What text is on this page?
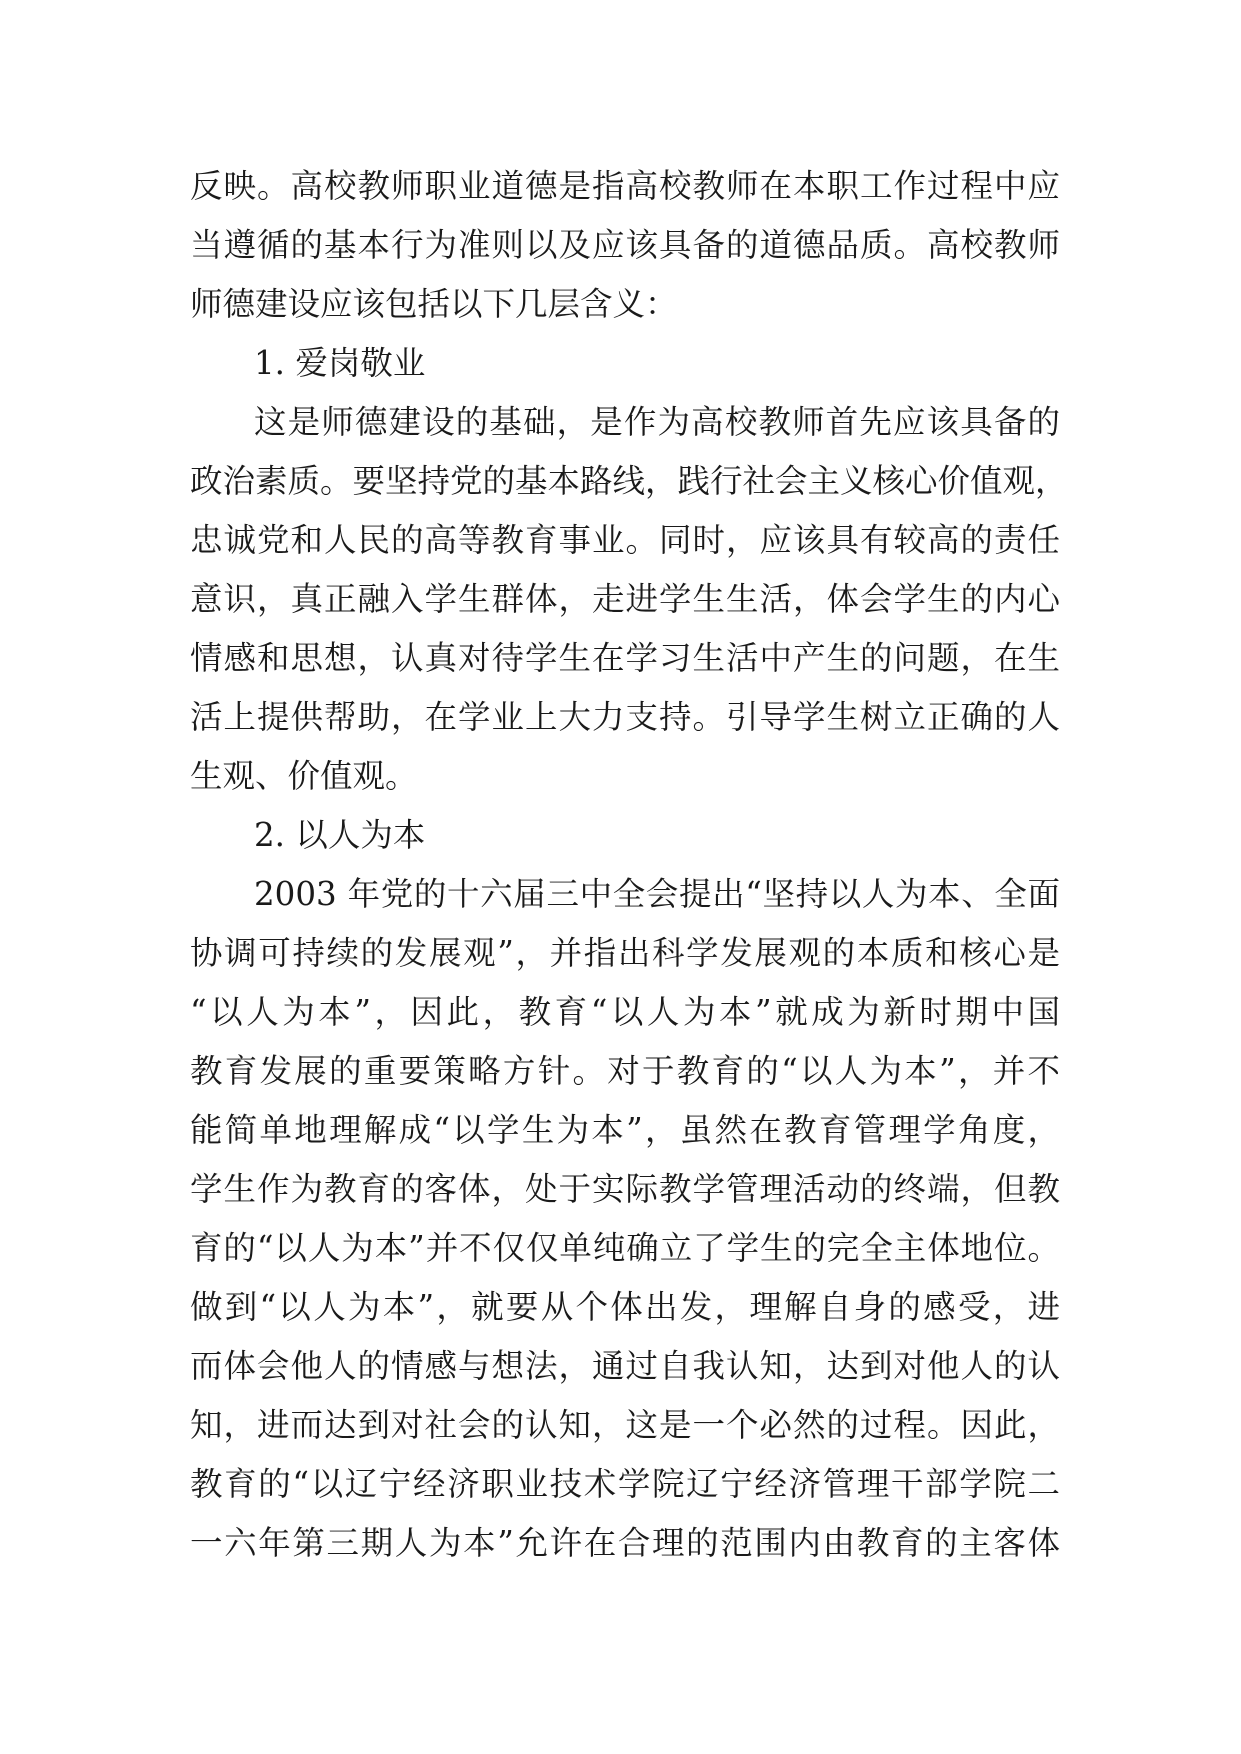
反映。高校教师职业道德是指高校教师在本职工作过程中应
当遵循的基本行为准则以及应该具备的道德品质。高校教师
师德建设应该包括以下几层含义：
1. 爱岗敬业
这是师德建设的基础，是作为高校教师首先应该具备的
政治素质。要坚持党的基本路线，践行社会主义核心价值观，
忠诚党和人民的高等教育事业。同时，应该具有较高的责任
意识，真正融入学生群体，走进学生生活，体会学生的内心
情感和思想，认真对待学生在学习生活中产生的问题，在生
活上提供帮助，在学业上大力支持。引导学生树立正确的人
生观、价值观。
2. 以人为本
2003 年党的十六届三中全会提出“坚持以人为本、全面
协调可持续的发展观”，并指出科学发展观的本质和核心是
“以人为本”，因此，教育“以人为本”就成为新时期中国
教育发展的重要策略方针。对于教育的“以人为本”，并不
能简单地理解成“以学生为本”，虽然在教育管理学角度，
学生作为教育的客体，处于实际教学管理活动的终端，但教
育的“以人为本”并不仅仅单纯确立了学生的完全主体地位。
做到“以人为本”，就要从个体出发，理解自身的感受，进
而体会他人的情感与想法，通过自我认知，达到对他人的认
知，进而达到对社会的认知，这是一个必然的过程。因此，
教育的“以辽宁经济职业技术学院辽宁经济管理干部学院二
一六年第三期人为本”允许在合理的范围内由教育的主客体
